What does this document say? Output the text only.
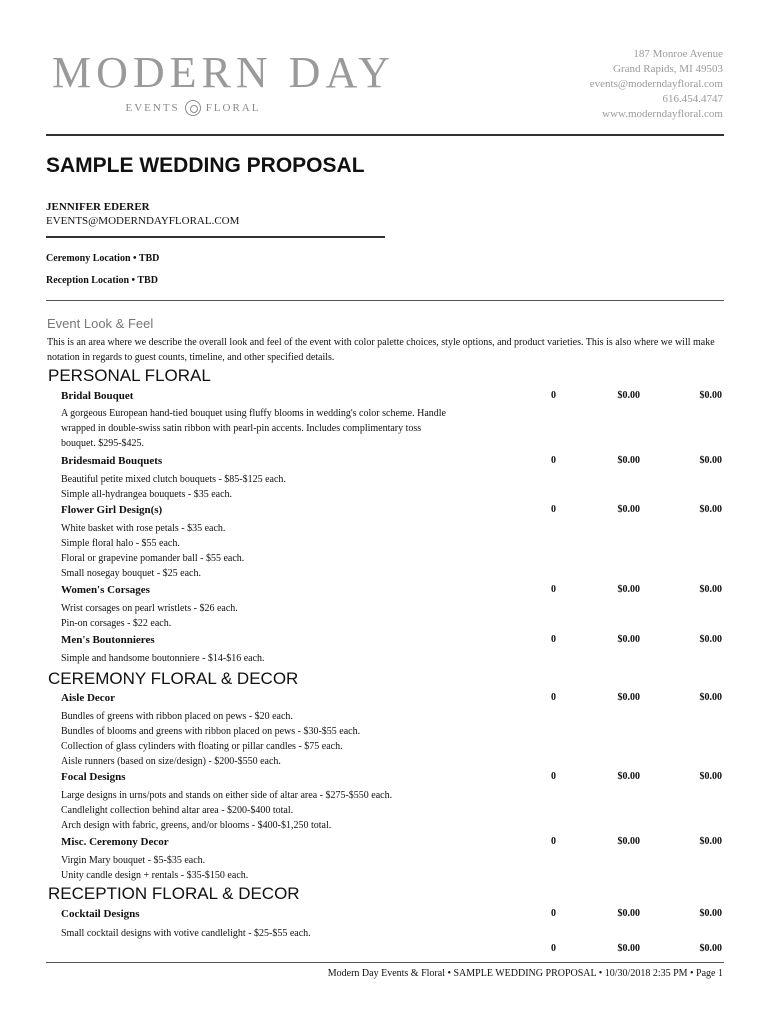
MODERN DAY
EVENTS FLORAL
187 Monroe Avenue
Grand Rapids, MI 49503
events@moderndayfloral.com
616.454.4747
www.moderndayfloral.com
SAMPLE WEDDING PROPOSAL
JENNIFER EDERER
EVENTS@MODERNDAYFLORAL.COM
Ceremony Location • TBD
Reception Location • TBD
Event Look & Feel
This is an area where we describe the overall look and feel of the event with color palette choices, style options, and product varieties. This is also where we will make notation in regards to guest counts, timeline, and other specified details.
PERSONAL FLORAL
CEREMONY FLORAL & DECOR
RECEPTION FLORAL & DECOR
Bridal Bouquet	0	$0.00	$0.00
A gorgeous European hand-tied bouquet using fluffy blooms in wedding's color scheme. Handle
wrapped in double-swiss satin ribbon with pearl-pin accents. Includes complimentary toss
bouquet. $295-$425.
Bridesmaid Bouquets	0	$0.00	$0.00
Beautiful petite mixed clutch bouquets - $85-$125 each.
Simple all-hydrangea bouquets - $35 each.
Flower Girl Design(s)	0	$0.00	$0.00
White basket with rose petals - $35 each.
Simple floral halo - $55 each.
Floral or grapevine pomander ball - $55 each.
Small nosegay bouquet - $25 each.
Women's Corsages	0	$0.00	$0.00
Wrist corsages on pearl wristlets - $26 each.
Pin-on corsages - $22 each.
Men's Boutonnieres	0	$0.00	$0.00
Simple and handsome boutonniere - $14-$16 each.
Aisle Decor	0	$0.00	$0.00
Bundles of greens with ribbon placed on pews - $20 each.
Bundles of blooms and greens with ribbon placed on pews - $30-$55 each.
Collection of glass cylinders with floating or pillar candles - $75 each.
Aisle runners (based on size/design) - $200-$550 each.
Focal Designs	0	$0.00	$0.00
Large designs in urns/pots and stands on either side of altar area - $275-$550 each.
Candlelight collection behind altar area - $200-$400 total.
Arch design with fabric, greens, and/or blooms - $400-$1,250 total.
Misc. Ceremony Decor	0	$0.00	$0.00
Virgin Mary bouquet - $5-$35 each.
Unity candle design + rentals - $35-$150 each.
Cocktail Designs	0	$0.00	$0.00
Small cocktail designs with votive candlelight - $25-$55 each.
0	$0.00	$0.00
Modern Day Events & Floral • SAMPLE WEDDING PROPOSAL • 10/30/2018 2:35 PM • Page 1
